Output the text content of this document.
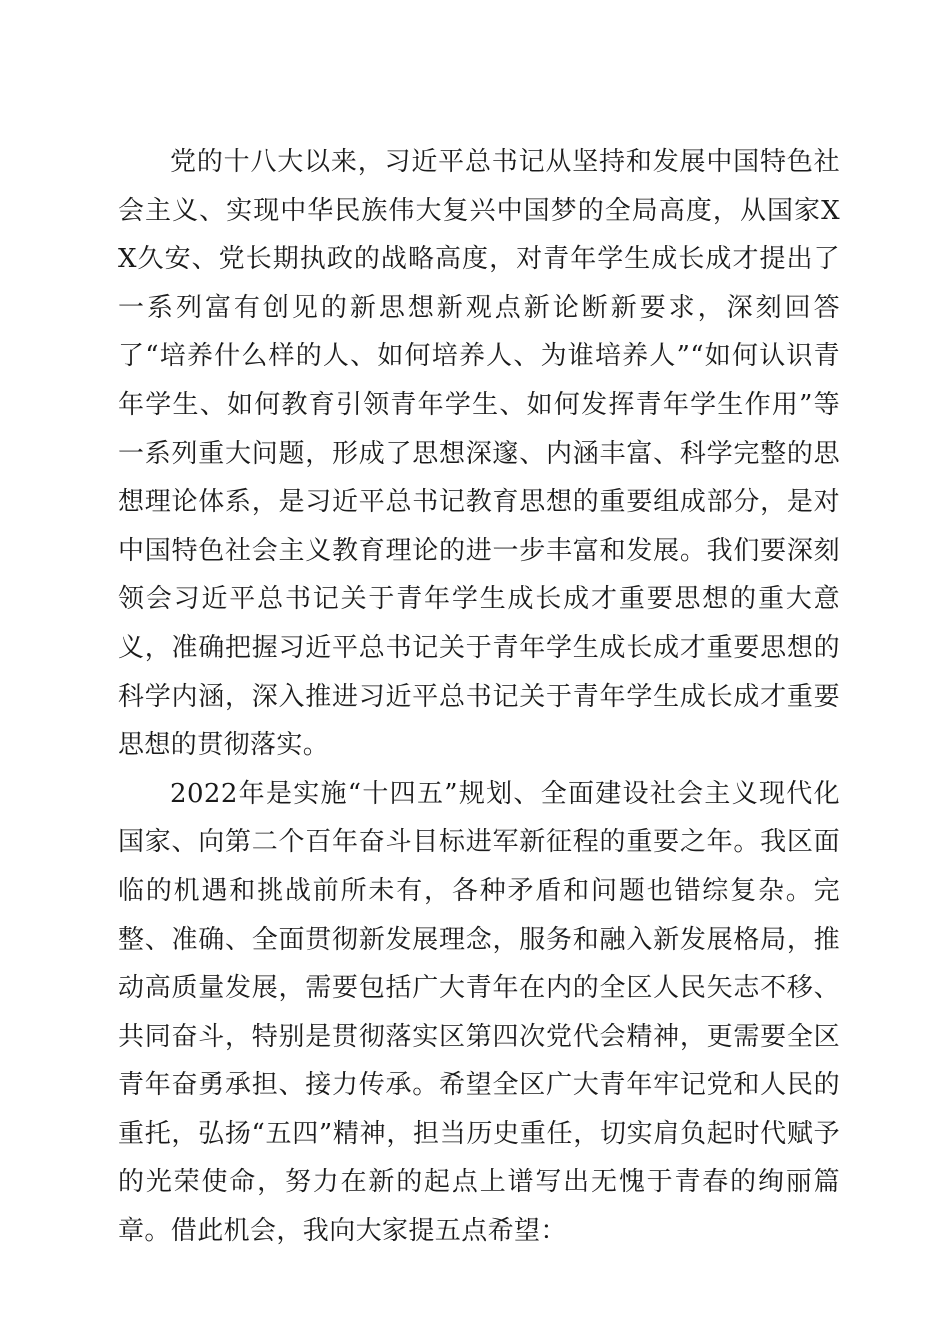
党的十八大以来，习近平总书记从坚持和发展中国特色社会主义、实现中华民族伟大复兴中国梦的全局高度，从国家XX久安、党长期执政的战略高度，对青年学生成长成才提出了一系列富有创见的新思想新观点新论断新要求，深刻回答了“培养什么样的人、如何培养人、为谁培养人”“如何认识青年学生、如何教育引领青年学生、如何发挥青年学生作用”等一系列重大问题，形成了思想深邃、内涵丰富、科学完整的思想理论体系，是习近平总书记教育思想的重要组成部分，是对中国特色社会主义教育理论的进一步丰富和发展。我们要深刻领会习近平总书记关于青年学生成长成才重要思想的重大意义，准确把握习近平总书记关于青年学生成长成才重要思想的科学内涵，深入推进习近平总书记关于青年学生成长成才重要思想的贯彻落实。

2022年是实施“十四五”规划、全面建设社会主义现代化国家、向第二个百年奋斗目标进军新征程的重要之年。我区面临的机遇和挑战前所未有，各种矛盾和问题也错综复杂。完整、准确、全面贯彻新发展理念，服务和融入新发展格局，推动高质量发展，需要包括广大青年在内的全区人民矢志不移、共同奋斗，特别是贯彻落实区第四次党代会精神，更需要全区青年奋勇承担、接力传承。希望全区广大青年牢记党和人民的重托，弘扬“五四”精神，担当历史重任，切实肩负起时代赋予的光荣使命，努力在新的起点上谱写出无愧于青春的绚丽篇章。借此机会，我向大家提五点希望：
